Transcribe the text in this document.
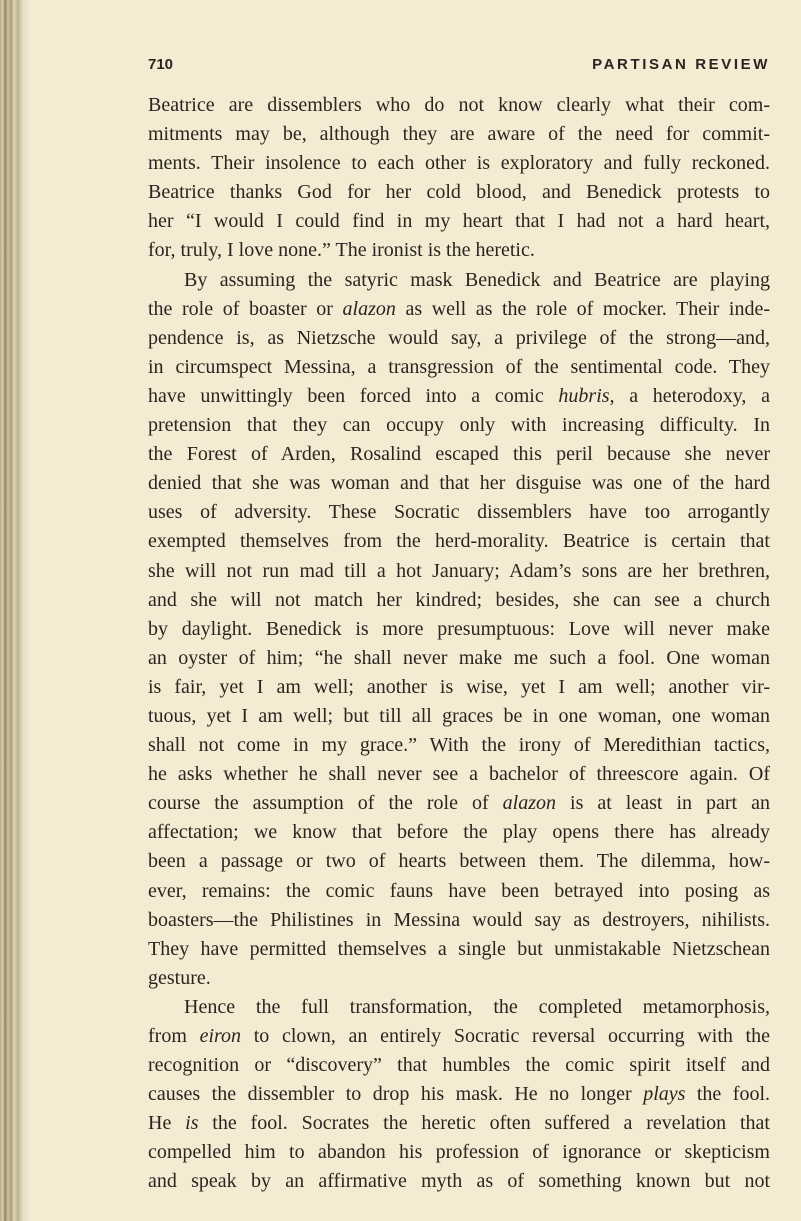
710	PARTISAN REVIEW
Beatrice are dissemblers who do not know clearly what their com-
mitments may be, although they are aware of the need for commit-
ments. Their insolence to each other is exploratory and fully reckoned.
Beatrice thanks God for her cold blood, and Benedick protests to
her “I would I could find in my heart that I had not a hard heart,
for, truly, I love none.” The ironist is the heretic.
By assuming the satyric mask Benedick and Beatrice are playing
the role of boaster or alazon as well as the role of mocker. Their inde-
pendence is, as Nietzsche would say, a privilege of the strong—and,
in circumspect Messina, a transgression of the sentimental code. They
have unwittingly been forced into a comic hubris, a heterodoxy, a
pretension that they can occupy only with increasing difficulty. In
the Forest of Arden, Rosalind escaped this peril because she never
denied that she was woman and that her disguise was one of the hard
uses of adversity. These Socratic dissemblers have too arrogantly
exempted themselves from the herd-morality. Beatrice is certain that
she will not run mad till a hot January; Adam’s sons are her brethren,
and she will not match her kindred; besides, she can see a church
by daylight. Benedick is more presumptuous: Love will never make
an oyster of him; “he shall never make me such a fool. One woman
is fair, yet I am well; another is wise, yet I am well; another vir-
tuous, yet I am well; but till all graces be in one woman, one woman
shall not come in my grace.” With the irony of Meredithian tactics,
he asks whether he shall never see a bachelor of threescore again. Of
course the assumption of the role of alazon is at least in part an
affectation; we know that before the play opens there has already
been a passage or two of hearts between them. The dilemma, how-
ever, remains: the comic fauns have been betrayed into posing as
boasters—the Philistines in Messina would say as destroyers, nihilists.
They have permitted themselves a single but unmistakable Nietzschean
gesture.
Hence the full transformation, the completed metamorphosis,
from eiron to clown, an entirely Socratic reversal occurring with the
recognition or “discovery” that humbles the comic spirit itself and
causes the dissembler to drop his mask. He no longer plays the fool.
He is the fool. Socrates the heretic often suffered a revelation that
compelled him to abandon his profession of ignorance or skepticism
and speak by an affirmative myth as of something known but not
